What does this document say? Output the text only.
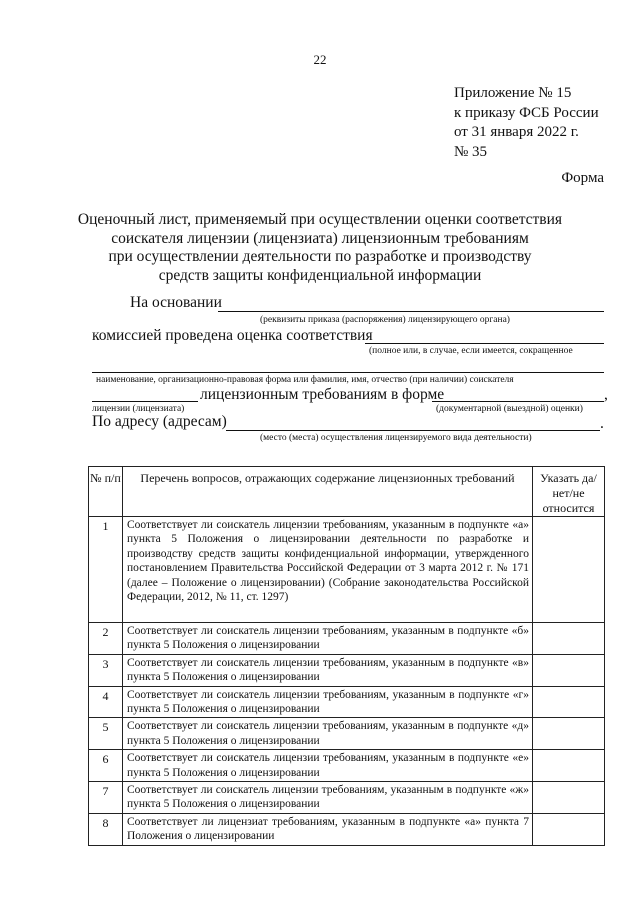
22
Приложение № 15
к приказу ФСБ России
от 31 января 2022 г.
№ 35
Форма
Оценочный лист, применяемый при осуществлении оценки соответствия
соискателя лицензии (лицензиата) лицензионным требованиям
при осуществлении деятельности по разработке и производству
средств защиты конфиденциальной информации
На основании
(реквизиты приказа (распоряжения) лицензирующего органа)
комиссией проведена оценка соответствия
(полное или, в случае, если имеется, сокращенное
наименование, организационно-правовая форма или фамилия, имя, отчество (при наличии) соискателя
лицензионным требованиям в форме	,
лицензии (лицензиата)	(документарной (выездной) оценки)
По адресу (адресам)	.
(место (места) осуществления лицензируемого вида деятельности)
№ п/п	Перечень вопросов, отражающих содержание лицензионных требований	Указать да/нет/не относится
1	Соответствует ли соискатель лицензии требованиям, указанным в подпункте «а» пункта 5 Положения о лицензировании деятельности по разработке и производству средств защиты конфиденциальной информации, утвержденного постановлением Правительства Российской Федерации от 3 марта 2012 г. № 171 (далее – Положение о лицензировании) (Собрание законодательства Российской Федерации, 2012, № 11, ст. 1297)	
2	Соответствует ли соискатель лицензии требованиям, указанным в подпункте «б» пункта 5 Положения о лицензировании	
3	Соответствует ли соискатель лицензии требованиям, указанным в подпункте «в» пункта 5 Положения о лицензировании	
4	Соответствует ли соискатель лицензии требованиям, указанным в подпункте «г» пункта 5 Положения о лицензировании	
5	Соответствует ли соискатель лицензии требованиям, указанным в подпункте «д» пункта 5 Положения о лицензировании	
6	Соответствует ли соискатель лицензии требованиям, указанным в подпункте «е» пункта 5 Положения о лицензировании	
7	Соответствует ли соискатель лицензии требованиям, указанным в подпункте «ж» пункта 5 Положения о лицензировании	
8	Соответствует ли лицензиат требованиям, указанным в подпункте «а» пункта 7 Положения о лицензировании	
